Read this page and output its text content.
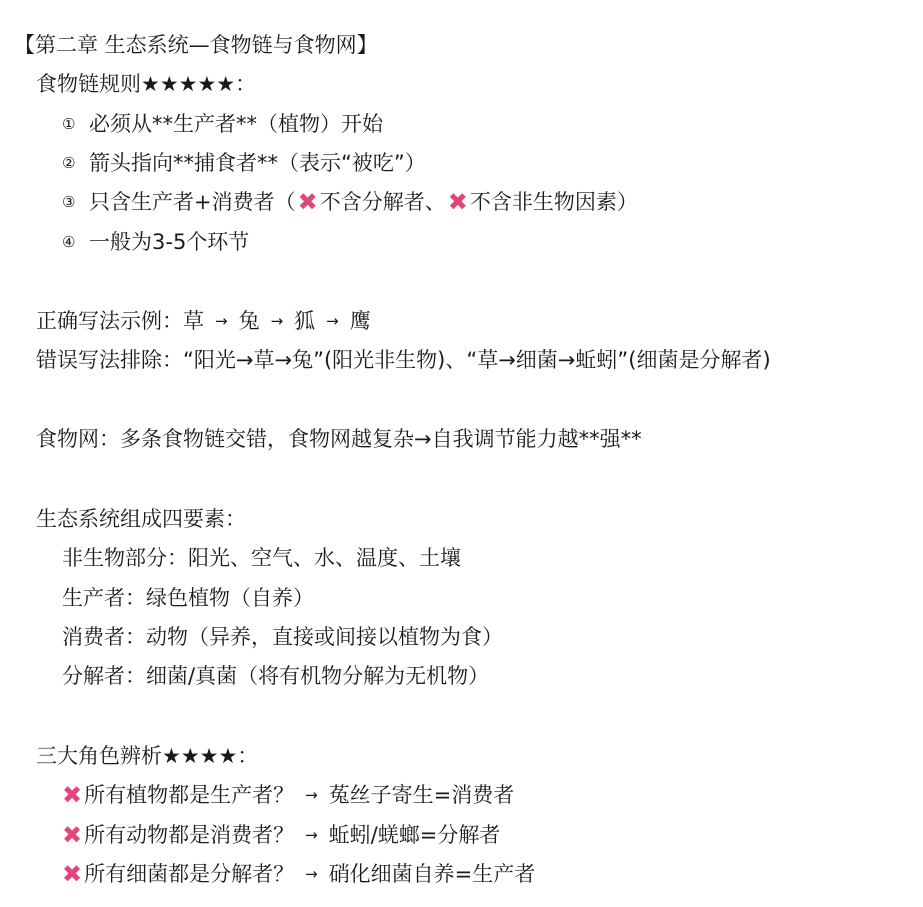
【第二章 生态系统—食物链与食物网】
食物链规则★★★★★：
① 必须从**生产者**（植物）开始
② 箭头指向**捕食者**（表示“被吃”）
③ 只含生产者+消费者（✖不含分解者、✖不含非生物因素）
④ 一般为3-5个环节
正确写法示例：草 → 兔 → 狐 → 鹰
错误写法排除：“阳光→草→兔”(阳光非生物)、“草→细菌→蚯蚓”(细菌是分解者)
食物网：多条食物链交错，食物网越复杂→自我调节能力越**强**
生态系统组成四要素：
非生物部分：阳光、空气、水、温度、土壤
生产者：绿色植物（自养）
消费者：动物（异养，直接或间接以植物为食）
分解者：细菌/真菌（将有机物分解为无机物）
三大角色辨析★★★★：
✖所有植物都是生产者？ → 菟丝子寄生=消费者
✖所有动物都是消费者？ → 蚯蚓/蜣螂=分解者
✖所有细菌都是分解者？ → 硝化细菌自养=生产者
